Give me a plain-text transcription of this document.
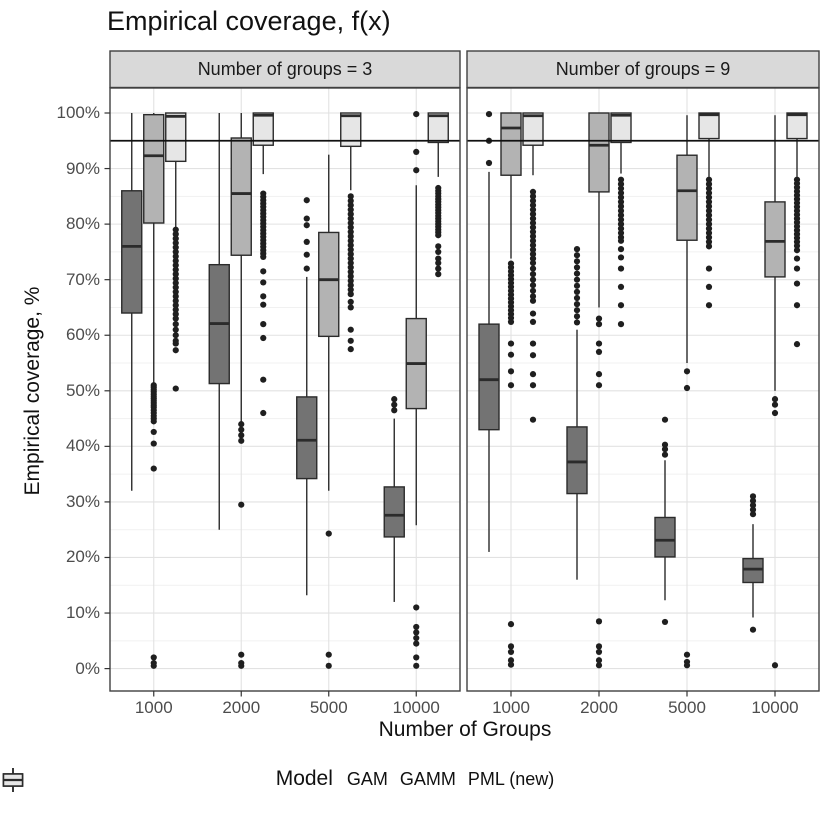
Empirical coverage, f(x)
Number of groups = 3	Number of groups = 9
Empirical coverage, %
Number of Groups
1000	2000	5000	10000	1000	2000	5000	10000
100%
90%
80%
70%
60%
50%
40%
30%
20%
10%
0%
Model GAM GAMM PML (new)
